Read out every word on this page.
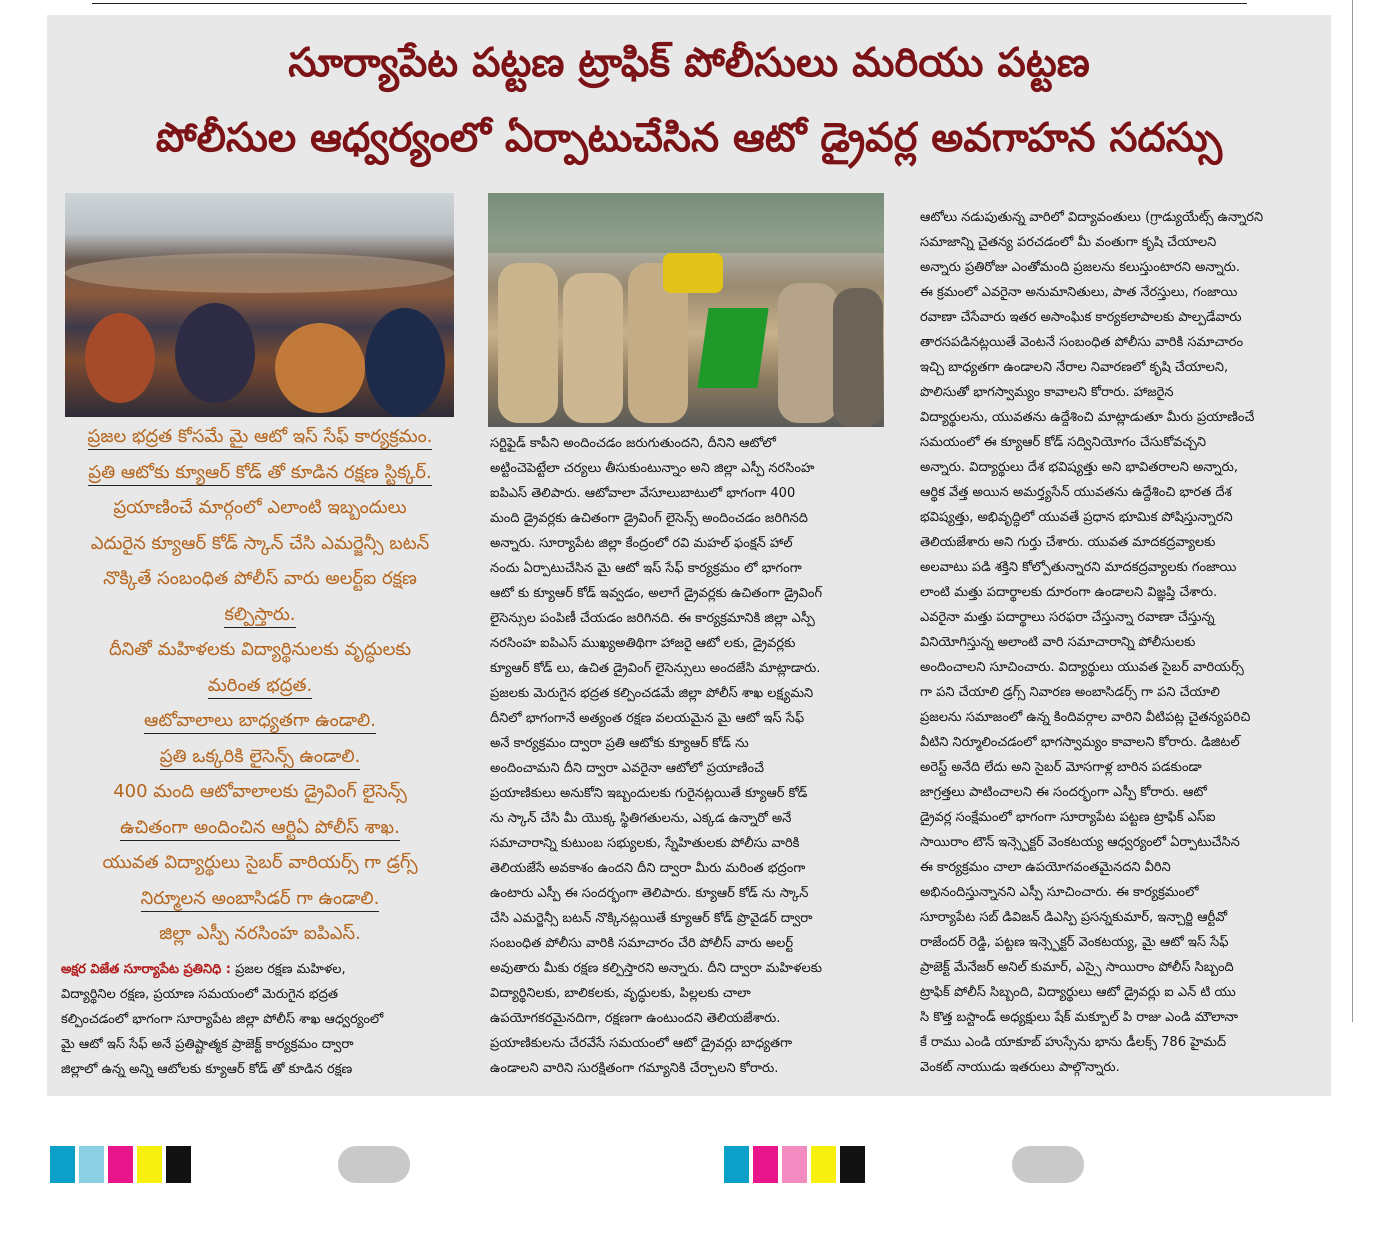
సూర్యాపేట పట్టణ ట్రాఫిక్ పోలీసులు మరియు పట్టణ
పోలీసుల ఆధ్వర్యంలో ఏర్పాటుచేసిన ఆటో డ్రైవర్ల అవగాహన సదస్సు
ప్రజల భద్రత కోసమే మై ఆటో ఇస్ సేఫ్ కార్యక్రమం.
ప్రతి ఆటోకు క్యూఆర్ కోడ్ తో కూడిన రక్షణ స్టిక్కర్.
ప్రయాణించే మార్గంలో ఎలాంటి ఇబ్బందులు
ఎదురైన క్యూఆర్ కోడ్ స్కాన్ చేసి ఎమర్జెన్సీ బటన్
నొక్కితే సంబంధిత పోలీస్ వారు అలర్ట్ఐ రక్షణ
కల్పిస్తారు.
దీనితో మహిళలకు విద్యార్థినులకు వృద్ధులకు
మరింత భద్రత.
ఆటోవాలాలు బాధ్యతగా ఉండాలి.
ప్రతి ఒక్కరికి లైసెన్స్ ఉండాలి.
400 మంది ఆటోవాలాలకు డ్రైవింగ్ లైసెన్స్
ఉచితంగా అందించిన ఆర్టిఏ పోలీస్ శాఖ.
యువత విద్యార్థులు సైబర్ వారియర్స్ గా డ్రగ్స్
నిర్మూలన అంబాసిడర్ గా ఉండాలి.
జిల్లా ఎస్పీ నరసింహ ఐపిఎస్.

అక్షర విజేత సూర్యాపేట ప్రతినిధి : ప్రజల రక్షణ మహిళల,

విద్యార్థినిల రక్షణ, ప్రయాణ సమయంలో మెరుగైన భద్రత

కల్పించడంలో భాగంగా సూర్యాపేట జిల్లా పోలీస్ శాఖ ఆధ్వర్యంలో

మై ఆటో ఇస్ సేఫ్ అనే ప్రతిష్టాత్మక ప్రాజెక్ట్ కార్యక్రమం ద్వారా

జిల్లాలో ఉన్న అన్ని ఆటోలకు క్యూఆర్ కోడ్ తో కూడిన రక్షణ

సర్టిఫైడ్ కాపీని అందించడం జరుగుతుందని, దీనిని ఆటోలో

అట్టించెపెట్టేలా చర్యలు తీసుకుంటున్నాం అని జిల్లా ఎస్పీ నరసింహ

ఐపిఎస్ తెలిపారు. ఆటోవాలా వేసూలుబాటులో భాగంగా 400

మంది డ్రైవర్లకు ఉచితంగా డ్రైవింగ్ లైసెన్స్ అందించడం జరిగినది

అన్నారు. సూర్యాపేట జిల్లా కేంద్రంలో రవి మహల్ ఫంక్షన్ హాల్

నందు ఏర్పాటుచేసిన మై ఆటో ఇస్ సేఫ్ కార్యక్రమం లో భాగంగా

ఆటో కు క్యూఆర్ కోడ్ ఇవ్వడం, అలాగే డ్రైవర్లకు ఉచితంగా డ్రైవింగ్

లైసెన్సుల పంపిణీ చేయడం జరిగినది. ఈ కార్యక్రమానికి జిల్లా ఎస్పీ

నరసింహ ఐపిఎస్ ముఖ్యఅతిథిగా హాజరై ఆటో లకు, డ్రైవర్లకు

క్యూఆర్ కోడ్ లు, ఉచిత డ్రైవింగ్ లైసెన్సులు అందజేసి మాట్లాడారు.

ప్రజలకు మెరుగైన భద్రత కల్పించడమే జిల్లా పోలీస్ శాఖ లక్ష్యమని

దీనిలో భాగంగానే అత్యంత రక్షణ వలయమైన మై ఆటో ఇస్ సేఫ్

అనే కార్యక్రమం ద్వారా ప్రతి ఆటోకు క్యూఆర్ కోడ్ ను

అందించామని దీని ద్వారా ఎవరైనా ఆటోలో ప్రయాణించే

ప్రయాణికులు అనుకోని ఇబ్బందులకు గురైనట్లయితే క్యూఆర్ కోడ్

ను స్కాన్ చేసి మీ యొక్క స్థితిగతులను, ఎక్కడ ఉన్నారో అనే

సమాచారాన్ని కుటుంబ సభ్యులకు, స్నేహితులకు పోలీసు వారికి

తెలియజేసే అవకాశం ఉందని దీని ద్వారా మీరు మరింత భద్రంగా

ఉంటారు ఎస్పీ ఈ సందర్భంగా తెలిపారు. క్యూఆర్ కోడ్ ను స్కాన్

చేసి ఎమర్జెన్సీ బటన్ నొక్కినట్లయితే క్యూఆర్ కోడ్ ప్రొవైడర్ ద్వారా

సంబంధిత పోలీసు వారికి సమాచారం చేరి పోలీస్ వారు అలర్ట్

అవుతారు మీకు రక్షణ కల్పిస్తారని అన్నారు. దీని ద్వారా మహిళలకు

విద్యార్థినిలకు, బాలికలకు, వృద్ధులకు, పిల్లలకు చాలా

ఉపయోగకరమైనదిగా, రక్షణగా ఉంటుందని తెలియజేశారు.

ప్రయాణికులను చేరవేసే సమయంలో ఆటో డ్రైవర్లు బాధ్యతగా

ఉండాలని వారిని సురక్షితంగా గమ్యానికి చేర్చాలని కోరారు.

ఆటోలు నడుపుతున్న వారిలో విద్యావంతులు (గ్రాడ్యుయేట్స్ ఉన్నారని

సమాజాన్ని చైతన్య పరచడంలో మీ వంతుగా కృషి చేయాలని

అన్నారు ప్రతిరోజు ఎంతోమంది ప్రజలను కలుస్తుంటారని అన్నారు.

ఈ క్రమంలో ఎవరైనా అనుమానితులు, పాత నేరస్తులు, గంజాయి

రవాణా చేసేవారు ఇతర అసాంఘిక కార్యకలాపాలకు పాల్పడేవారు

తారసపడినట్లయితే వెంటనే సంబంధిత పోలీసు వారికి సమాచారం

ఇచ్చి బాధ్యతగా ఉండాలని నేరాల నివారణలో కృషి చేయాలని,

పొలిసుతో భాగస్వామ్యం కావాలని కోరారు. హాజరైన

విద్యార్థులను, యువతను ఉద్దేశించి మాట్లాడుతూ మీరు ప్రయాణించే

సమయంలో ఈ క్యూఆర్ కోడ్ సద్వినియోగం చేసుకోవచ్చని

అన్నారు. విద్యార్థులు దేశ భవిష్యత్తు అని భావితరాలని అన్నారు,

ఆర్థిక వేత్త అయిన అమర్త్యసేన్ యువతను ఉద్దేశించి భారత దేశ

భవిష్యత్తు, అభివృద్ధిలో యువతే ప్రధాన భూమిక పోషిస్తున్నారని

తెలియజేశారు అని గుర్తు చేశారు. యువత మాదకద్రవ్యాలకు

అలవాటు పడి శక్తిని కోల్పోతున్నారని మాదకద్రవ్యాలకు గంజాయి

లాంటి మత్తు పదార్థాలకు దూరంగా ఉండాలని విజ్ఞప్తి చేశారు.

ఎవరైనా మత్తు పదార్థాలు సరఫరా చేస్తున్నా రవాణా చేస్తున్న

వినియోగిస్తున్న అలాంటి వారి సమాచారాన్ని పోలీసులకు

అందించాలని సూచించారు. విద్యార్థులు యువత సైబర్ వారియర్స్

గా పని చేయాలి డ్రగ్స్ నివారణ అంబాసిడర్స్ గా పని చేయాలి

ప్రజలను సమాజంలో ఉన్న కిందివర్గాల వారిని వీటిపట్ల చైతన్యపరిచి

వీటిని నిర్మూలించడంలో భాగస్వామ్యం కావాలని కోరారు. డిజిటల్

అరెస్ట్ అనేది లేదు అని సైబర్ మోసగాళ్ల బారిన పడకుండా

జాగ్రత్తలు పాటించాలని ఈ సందర్భంగా ఎస్పీ కోరారు. ఆటో

డ్రైవర్ల సంక్షేమంలో భాగంగా సూర్యాపేట పట్టణ ట్రాఫిక్ ఎస్ఐ

సాయిరాం టౌన్ ఇన్స్పెక్టర్ వెంకటయ్య ఆధ్వర్యంలో ఏర్పాటుచేసిన

ఈ కార్యక్రమం చాలా ఉపయోగవంతమైనదని వీరిని

అభినందిస్తున్నానని ఎస్పీ సూచించారు. ఈ కార్యక్రమంలో

సూర్యాపేట సబ్ డివిజన్ డిఎస్పి ప్రసన్నకుమార్, ఇన్చార్జి ఆర్టీవో

రాజేందర్ రెడ్డి, పట్టణ ఇన్స్పెక్టర్ వెంకటయ్య, మై ఆటో ఇస్ సేఫ్

ప్రాజెక్ట్ మేనేజర్ అనిల్ కుమార్, ఎస్సై సాయిరాం పోలీస్ సిబ్బంది

ట్రాఫిక్ పోలీస్ సిబ్బంది, విద్యార్థులు ఆటో డ్రైవర్లు ఐ ఎన్ టి యు

సి కొత్త బస్టాండ్ అధ్యక్షులు షేక్ మక్బూల్ పి రాజు ఎండి మౌలానా

కే రాము ఎండి యాకూబ్ హుస్సేను భాను డీలక్స్ 786 హైమద్

వెంకట్ నాయుడు ఇతరులు పాల్గొన్నారు.
